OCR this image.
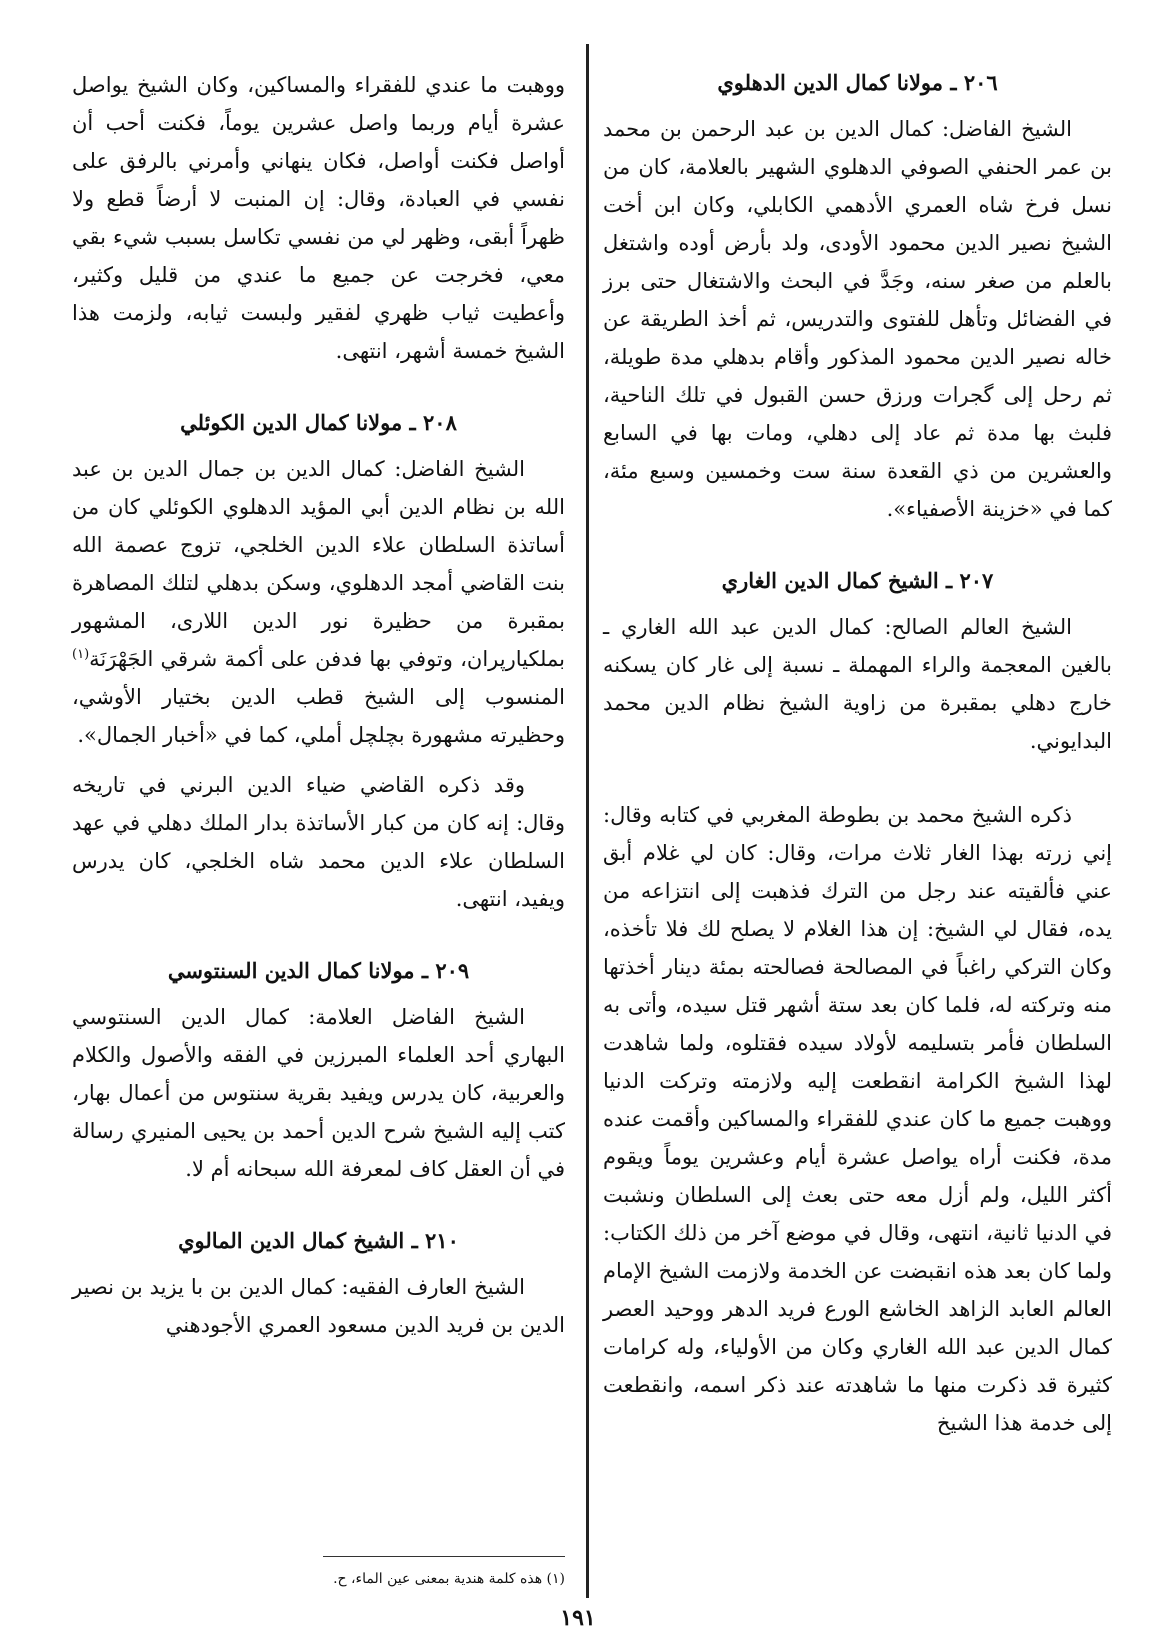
٢٠٦ ـ مولانا كمال الدين الدهلوي

الشيخ الفاضل: كمال الدين بن عبد الرحمن بن محمد بن عمر الحنفي الصوفي الدهلوي الشهير بالعلامة، كان من نسل فرخ شاه العمري الأدهمي الكابلي، وكان ابن أخت الشيخ نصير الدين محمود الأودى، ولد بأرض أوده واشتغل بالعلم من صغر سنه، وجَدَّ في البحث والاشتغال حتى برز في الفضائل وتأهل للفتوى والتدريس، ثم أخذ الطريقة عن خاله نصير الدين محمود المذكور وأقام بدهلي مدة طويلة، ثم رحل إلى گجرات ورزق حسن القبول في تلك الناحية، فلبث بها مدة ثم عاد إلى دهلي، ومات بها في السابع والعشرين من ذي القعدة سنة ست وخمسين وسبع مئة، كما في «خزينة الأصفياء».

٢٠٧ ـ الشيخ كمال الدين الغاري

الشيخ العالم الصالح: كمال الدين عبد الله الغاري ـ بالغين المعجمة والراء المهملة ـ نسبة إلى غار كان يسكنه خارج دهلي بمقبرة من زاوية الشيخ نظام الدين محمد البدايوني.

ذكره الشيخ محمد بن بطوطة المغربي في كتابه وقال: إني زرته بهذا الغار ثلاث مرات، وقال: كان لي غلام أبق عني فألقيته عند رجل من الترك فذهبت إلى انتزاعه من يده، فقال لي الشيخ: إن هذا الغلام لا يصلح لك فلا تأخذه، وكان التركي راغباً في المصالحة فصالحته بمئة دينار أخذتها منه وتركته له، فلما كان بعد ستة أشهر قتل سيده، وأتى به السلطان فأمر بتسليمه لأولاد سيده فقتلوه، ولما شاهدت لهذا الشيخ الكرامة انقطعت إليه ولازمته وتركت الدنيا ووهبت جميع ما كان عندي للفقراء والمساكين وأقمت عنده مدة، فكنت أراه يواصل عشرة أيام وعشرين يوماً ويقوم أكثر الليل، ولم أزل معه حتى بعث إلى السلطان ونشبت في الدنيا ثانية، انتهى، وقال في موضع آخر من ذلك الكتاب: ولما كان بعد هذه انقبضت عن الخدمة ولازمت الشيخ الإمام العالم العابد الزاهد الخاشع الورع فريد الدهر ووحيد العصر كمال الدين عبد الله الغاري وكان من الأولياء، وله كرامات كثيرة قد ذكرت منها ما شاهدته عند ذكر اسمه، وانقطعت إلى خدمة هذا الشيخ

ووهبت ما عندي للفقراء والمساكين، وكان الشيخ يواصل عشرة أيام وربما واصل عشرين يوماً، فكنت أحب أن أواصل فكنت أواصل، فكان ينهاني وأمرني بالرفق على نفسي في العبادة، وقال: إن المنبت لا أرضاً قطع ولا ظهراً أبقى، وظهر لي من نفسي تكاسل بسبب شيء بقي معي، فخرجت عن جميع ما عندي من قليل وكثير، وأعطيت ثياب ظهري لفقير ولبست ثيابه، ولزمت هذا الشيخ خمسة أشهر، انتهى.

٢٠٨ ـ مولانا كمال الدين الكوئلي

الشيخ الفاضل: كمال الدين بن جمال الدين بن عبد الله بن نظام الدين أبي المؤيد الدهلوي الكوئلي كان من أساتذة السلطان علاء الدين الخلجي، تزوج عصمة الله بنت القاضي أمجد الدهلوي، وسكن بدهلي لتلك المصاهرة بمقبرة من حظيرة نور الدين اللارى، المشهور بملكيارپران، وتوفي بها فدفن على أكمة شرقي الجَهْرَنَة$^{(١)}$ المنسوب إلى الشيخ قطب الدين بختيار الأوشي، وحظيرته مشهورة بچلچل أملي، كما في «أخبار الجمال».

وقد ذكره القاضي ضياء الدين البرني في تاريخه وقال: إنه كان من كبار الأساتذة بدار الملك دهلي في عهد السلطان علاء الدين محمد شاه الخلجي، كان يدرس ويفيد، انتهى.

٢٠٩ ـ مولانا كمال الدين السنتوسي

الشيخ الفاضل العلامة: كمال الدين السنتوسي البهاري أحد العلماء المبرزين في الفقه والأصول والكلام والعربية، كان يدرس ويفيد بقرية سنتوس من أعمال بهار، كتب إليه الشيخ شرح الدين أحمد بن يحيى المنيري رسالة في أن العقل كاف لمعرفة الله سبحانه أم لا.

٢١٠ ـ الشيخ كمال الدين المالوي

الشيخ العارف الفقيه: كمال الدين بن با يزيد بن نصير الدين بن فريد الدين مسعود العمري الأجودهني

(١) هذه كلمة هندية بمعنى عين الماء، ح.
١٩١
